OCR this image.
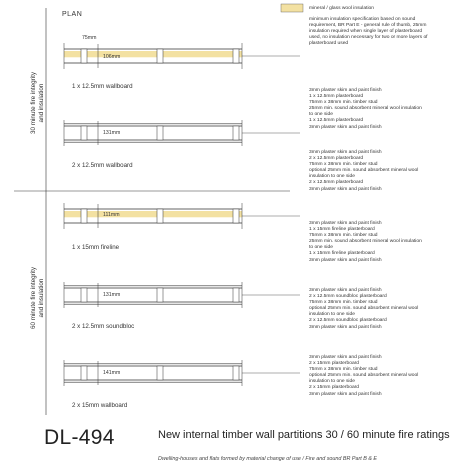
PLAN
30 minute fire integrity and insulation
60 minute fire integrity and insulation
75mm
106mm
131mm
111mm
131mm
141mm
1 x 12.5mm wallboard
2 x 12.5mm wallboard
1 x 15mm fireline
2 x 12.5mm soundbloc
2 x 15mm wallboard
mineral / glass wool insulation
minimum insulation specification based on sound requirement, BR Part E - general rule of thumb, 25mm insulation required when single layer of plasterboard used, no insulation necessary for two or more layers of plasterboard used
3mm plaster skim and paint finish
1 x 12.5mm plasterboard
75mm x 38mm min. timber stud
25mm min. sound absorbent mineral wool insulation to one side
1 x 12.5mm plasterboard
3mm plaster skim and paint finish
3mm plaster skim and paint finish
2 x 12.5mm plasterboard
75mm x 38mm min. timber stud
optional 25mm min. sound absorbent mineral wool insulation to one side
2 x 12.5mm plasterboard
3mm plaster skim and paint finish
3mm plaster skim and paint finish
1 x 15mm fireline plasterboard
75mm x 38mm min. timber stud
25mm min. sound absorbent mineral wool insulation to one side
1 x 15mm fireline plasterboard
3mm plaster skim and paint finish
3mm plaster skim and paint finish
2 x 12.5mm soundbloc plasterboard
75mm x 38mm min. timber stud
optional 25mm min. sound absorbent mineral wool insulation to one side
2 x 12.5mm soundbloc plasterboard
3mm plaster skim and paint finish
3mm plaster skim and paint finish
2 x 15mm plasterboard
75mm x 38mm min. timber stud
optional 25mm min. sound absorbent mineral wool insulation to one side
2 x 15mm plasterboard
3mm plaster skim and paint finish
DL-494	New internal timber wall partitions 30 / 60 minute fire ratings
Dwelling-houses and flats formed by material change of use / Fire and sound BR Part B & E
